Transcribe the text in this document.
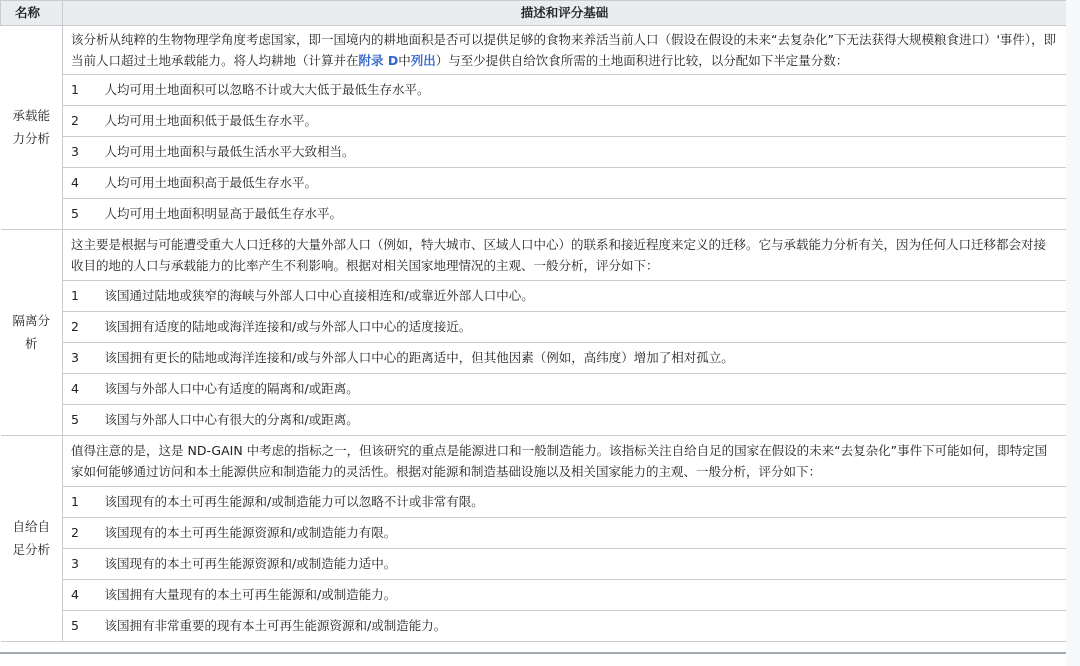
名称	描述和评分基础	
承载能力分析	该分析从纯粹的生物物理学角度考虑国家，即一国境内的耕地面积是否可以提供足够的食物来养活当前人口（假设在假设的未来“去复杂化”下无法获得大规模粮食进口）'事件），即当前人口超过土地承载能力。将人均耕地（计算并在附录 D中列出）与至少提供自给饮食所需的土地面积进行比较，以分配如下半定量分数：	
	1	人均可用土地面积可以忽略不计或大大低于最低生存水平。
	2	人均可用土地面积低于最低生存水平。
	3	人均可用土地面积与最低生活水平大致相当。
	4	人均可用土地面积高于最低生存水平。
	5	人均可用土地面积明显高于最低生存水平。
隔离分析	这主要是根据与可能遭受重大人口迁移的大量外部人口（例如，特大城市、区域人口中心）的联系和接近程度来定义的迁移。它与承载能力分析有关，因为任何人口迁移都会对接收目的地的人口与承载能力的比率产生不利影响。根据对相关国家地理情况的主观、一般分析，评分如下：	
	1	该国通过陆地或狭窄的海峡与外部人口中心直接相连和/或靠近外部人口中心。
	2	该国拥有适度的陆地或海洋连接和/或与外部人口中心的适度接近。
	3	该国拥有更长的陆地或海洋连接和/或与外部人口中心的距离适中，但其他因素（例如，高纬度）增加了相对孤立。
	4	该国与外部人口中心有适度的隔离和/或距离。
	5	该国与外部人口中心有很大的分离和/或距离。
自给自足分析	值得注意的是，这是 ND-GAIN 中考虑的指标之一，但该研究的重点是能源进口和一般制造能力。该指标关注自给自足的国家在假设的未来“去复杂化”事件下可能如何，即特定国家如何能够通过访问和本土能源供应和制造能力的灵活性。根据对能源和制造基础设施以及相关国家能力的主观、一般分析，评分如下：	
	1	该国现有的本土可再生能源和/或制造能力可以忽略不计或非常有限。
	2	该国现有的本土可再生能源资源和/或制造能力有限。
	3	该国现有的本土可再生能源资源和/或制造能力适中。
	4	该国拥有大量现有的本土可再生能源和/或制造能力。
	5	该国拥有非常重要的现有本土可再生能源资源和/或制造能力。
